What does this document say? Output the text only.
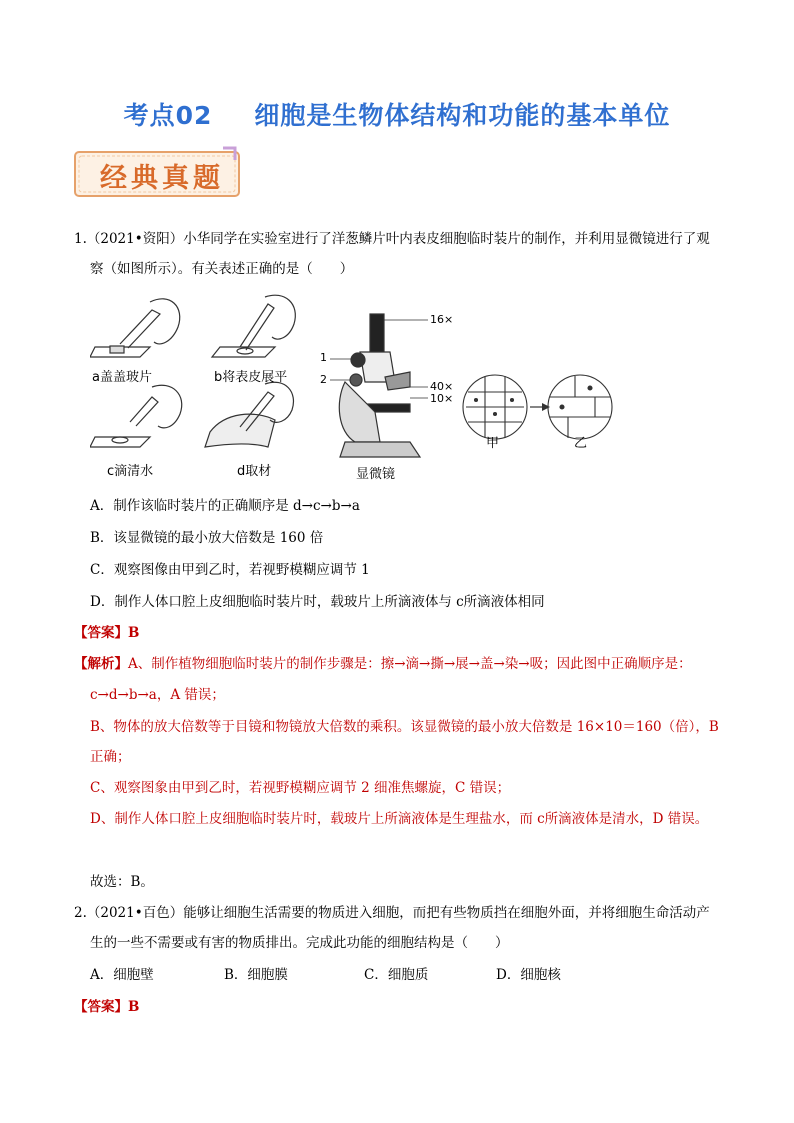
考点02 细胞是生物体结构和功能的基本单位
经典真题
1.（2021•资阳）小华同学在实验室进行了洋葱鳞片叶内表皮细胞临时装片的制作，并利用显微镜进行了观
察（如图所示）。有关表述正确的是（　　）
a盖盖玻片	b将表皮展平
c滴清水	d取材	显微镜
甲	乙
1
2
16×
40×
10×
A．制作该临时装片的正确顺序是 d→c→b→a
B．该显微镜的最小放大倍数是 160 倍
C．观察图像由甲到乙时，若视野模糊应调节 1
D．制作人体口腔上皮细胞临时装片时，载玻片上所滴液体与 c所滴液体相同
【答案】B
【解析】A、制作植物细胞临时装片的制作步骤是：擦→滴→撕→展→盖→染→吸；因此图中正确顺序是：
c→d→b→a，A 错误；
B、物体的放大倍数等于目镜和物镜放大倍数的乘积。该显微镜的最小放大倍数是 16×10＝160（倍），B
正确；
C、观察图象由甲到乙时，若视野模糊应调节 2 细准焦螺旋，C 错误；
D、制作人体口腔上皮细胞临时装片时，载玻片上所滴液体是生理盐水，而 c所滴液体是清水，D 错误。
故选：B。
2.（2021•百色）能够让细胞生活需要的物质进入细胞，而把有些物质挡在细胞外面，并将细胞生命活动产
生的一些不需要或有害的物质排出。完成此功能的细胞结构是（　　）
A．细胞壁	B．细胞膜	C．细胞质	D．细胞核
【答案】B
